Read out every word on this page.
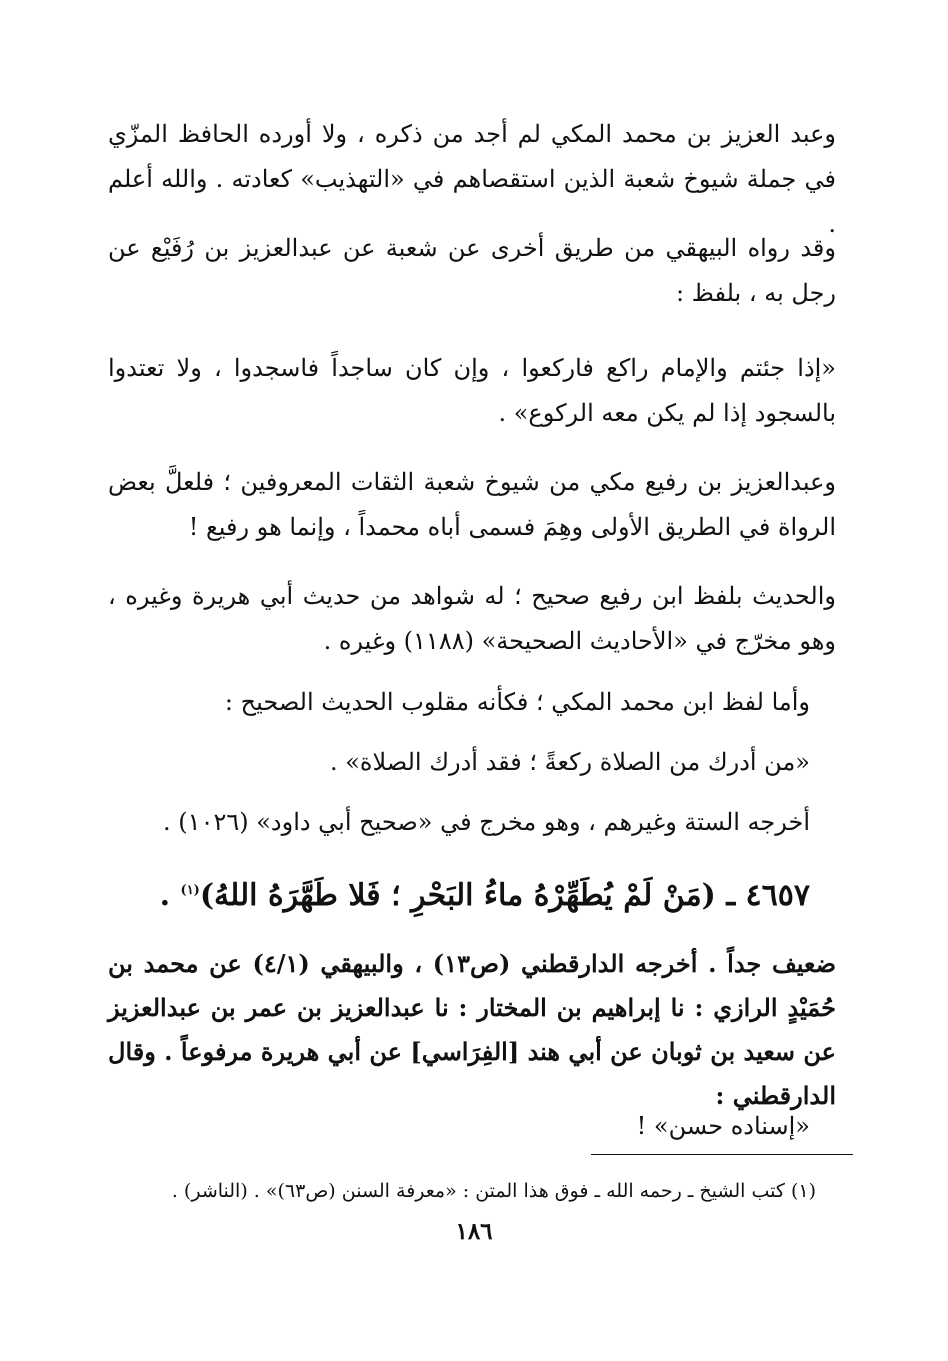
وعبد العزيز بن محمد المكي لم أجد من ذكره ، ولا أورده الحافظ المزّي في جملة شيوخ شعبة الذين استقصاهم في «التهذيب» كعادته . والله أعلم .

وقد رواه البيهقي من طريق أخرى عن شعبة عن عبدالعزيز بن رُفَيْع عن رجل به ، بلفظ :

«إذا جئتم والإمام راكع فاركعوا ، وإن كان ساجداً فاسجدوا ، ولا تعتدوا بالسجود إذا لم يكن معه الركوع» .

وعبدالعزيز بن رفيع مكي من شيوخ شعبة الثقات المعروفين ؛ فلعلَّ بعض الرواة في الطريق الأولى وهِمَ فسمى أباه محمداً ، وإنما هو رفيع !

والحديث بلفظ ابن رفيع صحيح ؛ له شواهد من حديث أبي هريرة وغيره ، وهو مخرّج في «الأحاديث الصحيحة» (١١٨٨) وغيره .

وأما لفظ ابن محمد المكي ؛ فكأنه مقلوب الحديث الصحيح :

«من أدرك من الصلاة ركعةً ؛ فقد أدرك الصلاة» .

أخرجه الستة وغيرهم ، وهو مخرج في «صحيح أبي داود» (١٠٢٦) .

٤٦٥٧ ـ (مَنْ لَمْ يُطَهِّرْهُ ماءُ البَحْرِ ؛ فَلا طَهَّرَهُ اللهُ)$^{(١)}$ .

ضعيف جداً . أخرجه الدارقطني (ص١٣) ، والبيهقي (٤/١) عن محمد بن حُمَيْدٍ الرازي : نا إبراهيم بن المختار : نا عبدالعزيز بن عمر بن عبدالعزيز عن سعيد بن ثوبان عن أبي هند [الفِرَاسي] عن أبي هريرة مرفوعاً . وقال الدارقطني :

«إسناده حسن» !

(١) كتب الشيخ ـ رحمه الله ـ فوق هذا المتن : «معرفة السنن (ص٦٣)» . (الناشر) .
١٨٦
